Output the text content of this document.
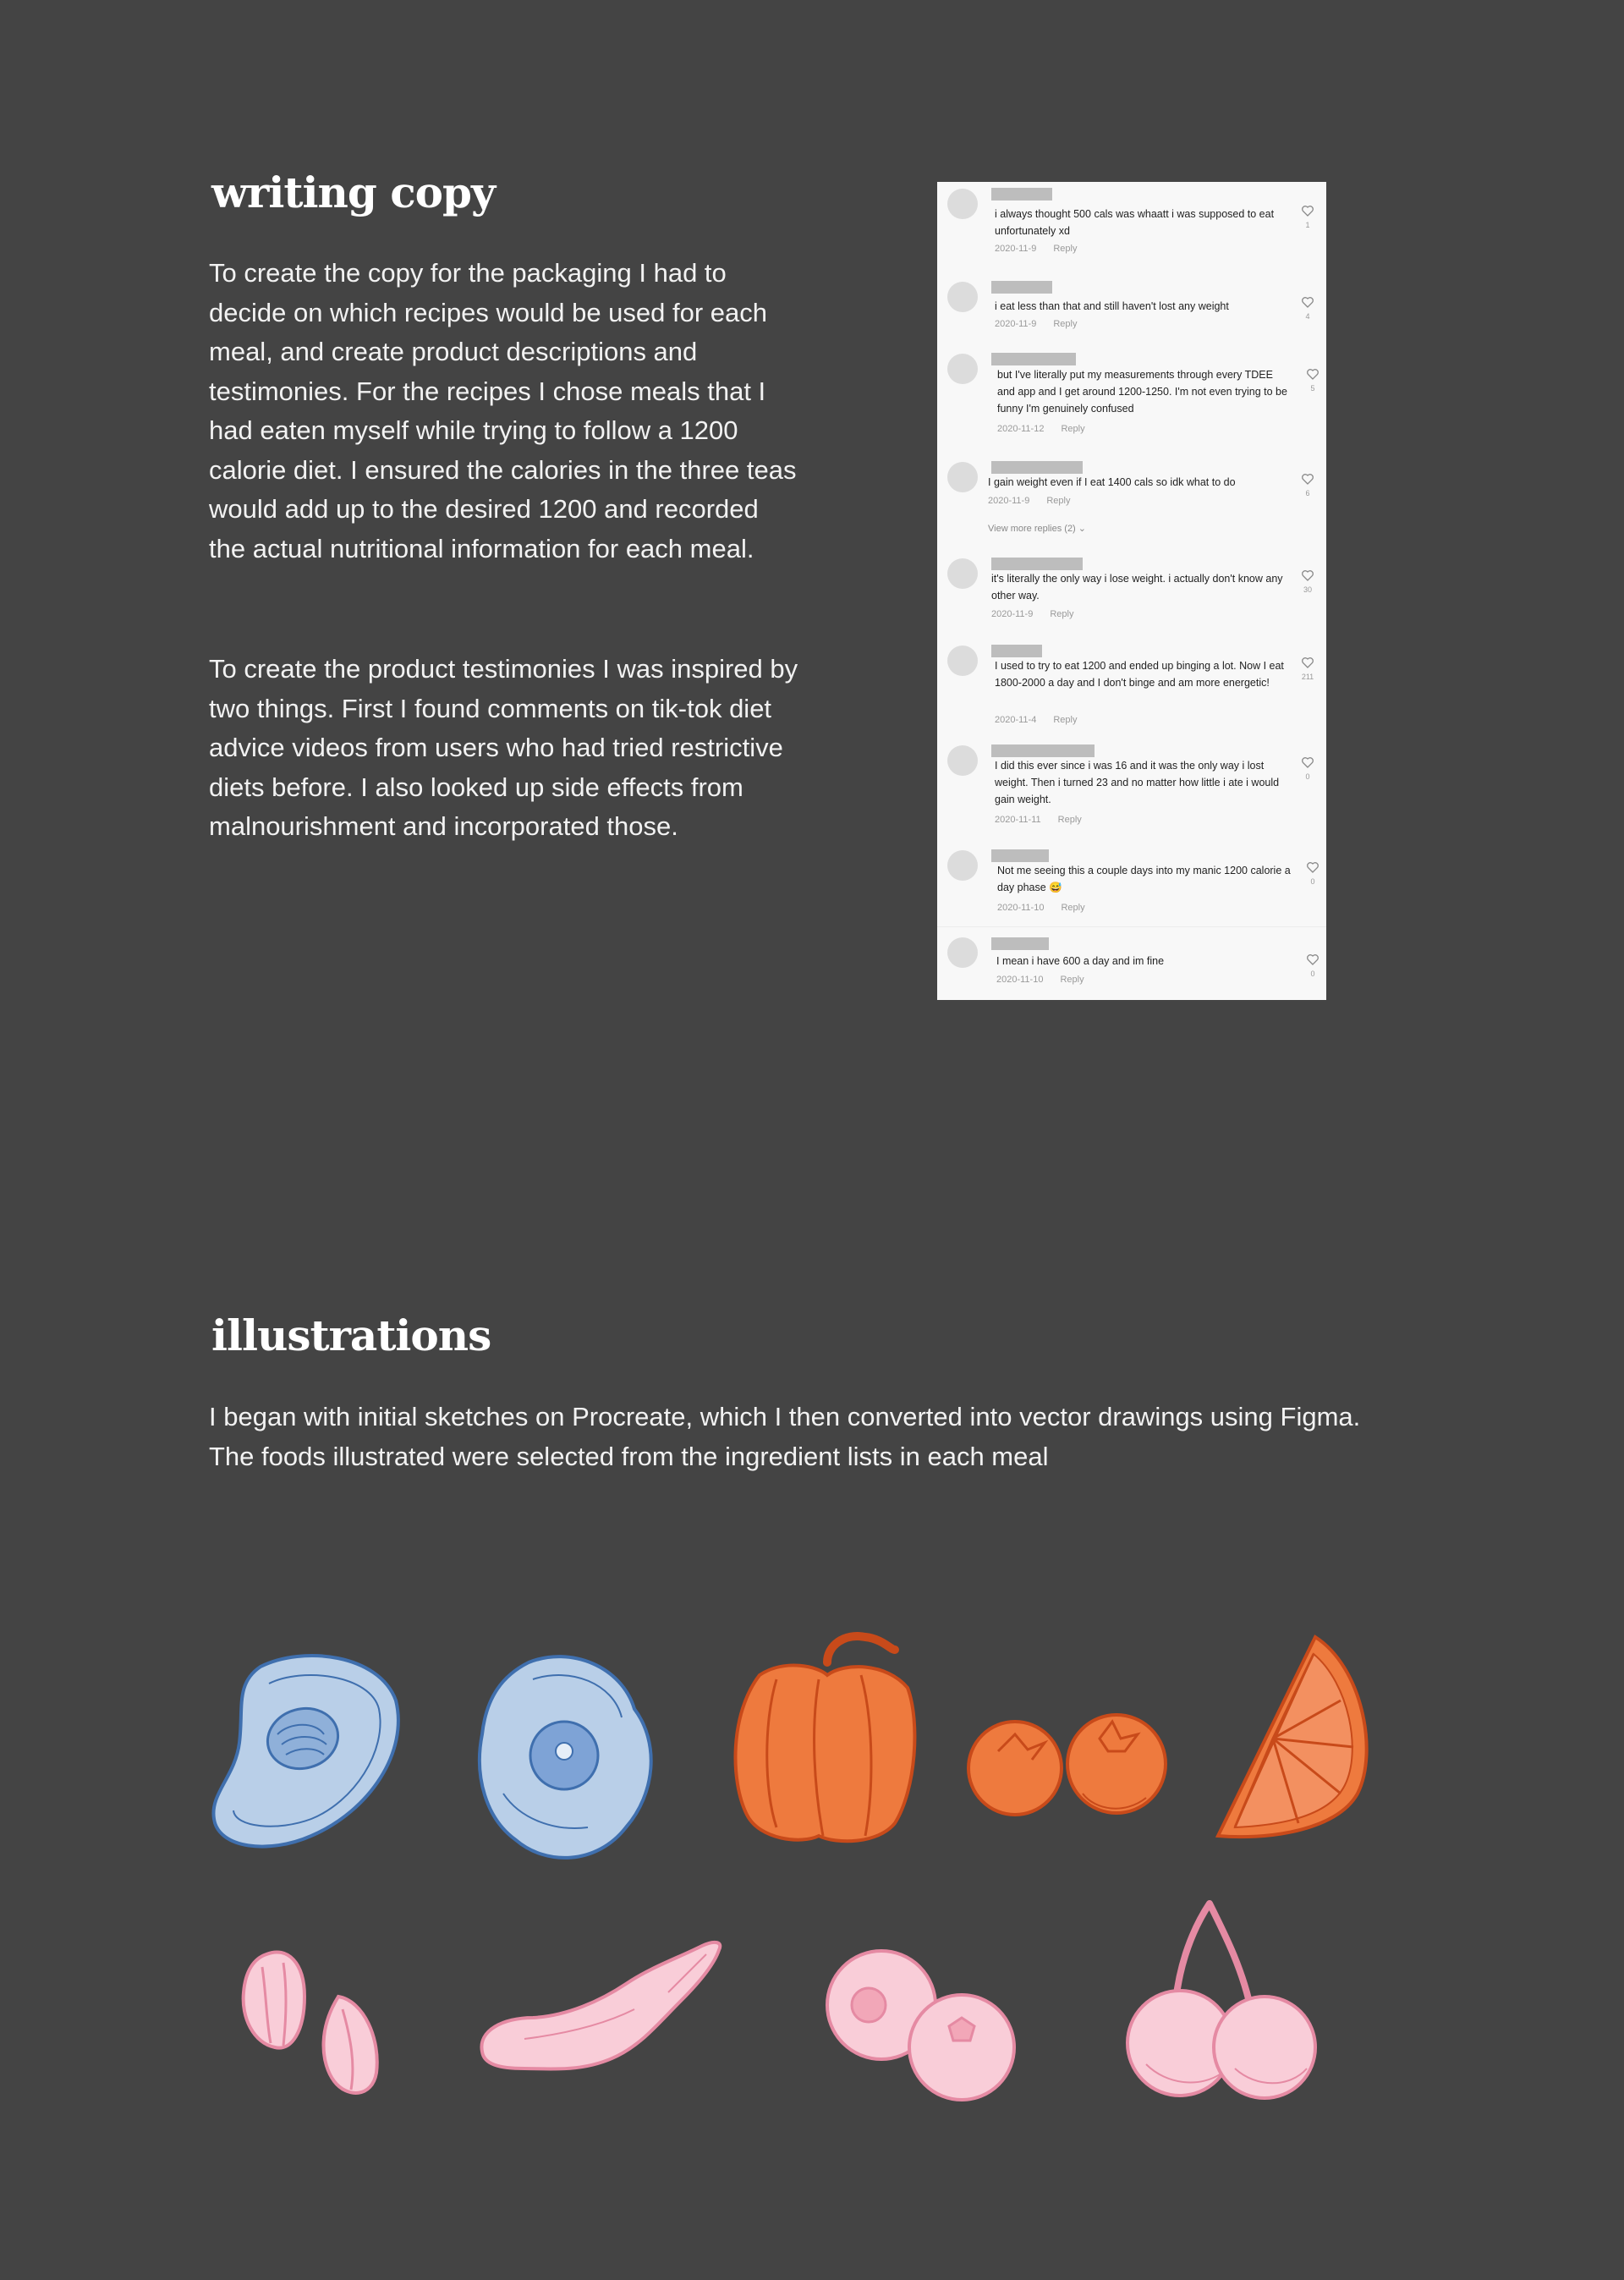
writing copy

To create the copy for the packaging I had to decide on which recipes would be used for each meal, and create product descriptions and testimonies. For the recipes I chose meals that I had eaten myself while trying to follow a 1200 calorie diet. I ensured the calories in the three teas would add up to the desired 1200 and recorded the actual nutritional information for each meal.

To create the product testimonies I was inspired by two things. First I found comments on tik-tok diet advice videos from users who had tried restrictive diets before. I also looked up side effects from malnourishment and incorporated those.

i always thought 500 cals was whaatt i was supposed to eat unfortunately xd
2020-11-9 Reply
1
i eat less than that and still haven't lost any weight
2020-11-9 Reply
4
but I've literally put my measurements through every TDEE and app and I get around 1200-1250. I'm not even trying to be funny I'm genuinely confused
2020-11-12 Reply
5
I gain weight even if I eat 1400 cals so idk what to do
2020-11-9 Reply
6
View more replies (2) ⌄
it's literally the only way i lose weight. i actually don't know any other way.
2020-11-9 Reply
30
I used to try to eat 1200 and ended up binging a lot. Now I eat 1800-2000 a day and I don't binge and am more energetic!
2020-11-4 Reply
211
I did this ever since i was 16 and it was the only way i lost weight. Then i turned 23 and no matter how little i ate i would gain weight.
2020-11-11 Reply
0
Not me seeing this a couple days into my manic 1200 calorie a day phase 😅
2020-11-10 Reply
0
I mean i have 600 a day and im fine
2020-11-10 Reply
0
illustrations

I began with initial sketches on Procreate, which I then converted into vector drawings using Figma. The foods illustrated were selected from the ingredient lists in each meal
